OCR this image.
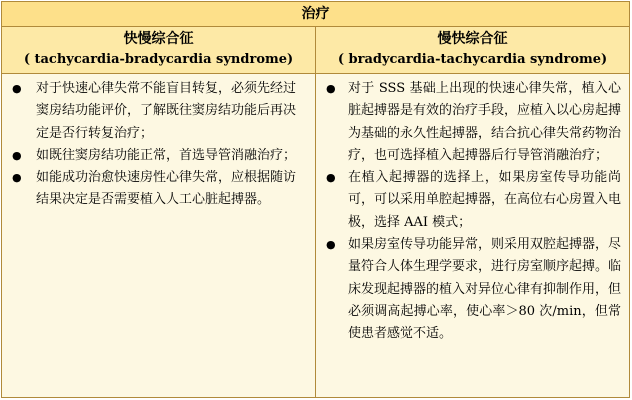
治疗
快慢综合征
( tachycardia-bradycardia syndrome)
慢快综合征
( bradycardia-tachycardia syndrome)
● 对于快速心律失常不能盲目转复，必须先经过窦房结功能评价，了解既往窦房结功能后再决定是否行转复治疗；
● 如既往窦房结功能正常，首选导管消融治疗；
● 如能成功治愈快速房性心律失常，应根据随访结果决定是否需要植入人工心脏起搏器。
● 对于 SSS 基础上出现的快速心律失常，植入心脏起搏器是有效的治疗手段，应植入以心房起搏为基础的永久性起搏器，结合抗心律失常药物治疗，也可选择植入起搏器后行导管消融治疗；
● 在植入起搏器的选择上，如果房室传导功能尚可，可以采用单腔起搏器，在高位右心房置入电极，选择 AAI 模式；
● 如果房室传导功能异常，则采用双腔起搏器，尽量符合人体生理学要求，进行房室顺序起搏。临床发现起搏器的植入对异位心律有抑制作用，但必须调高起搏心率，使心率＞80 次/min，但常使患者感觉不适。
